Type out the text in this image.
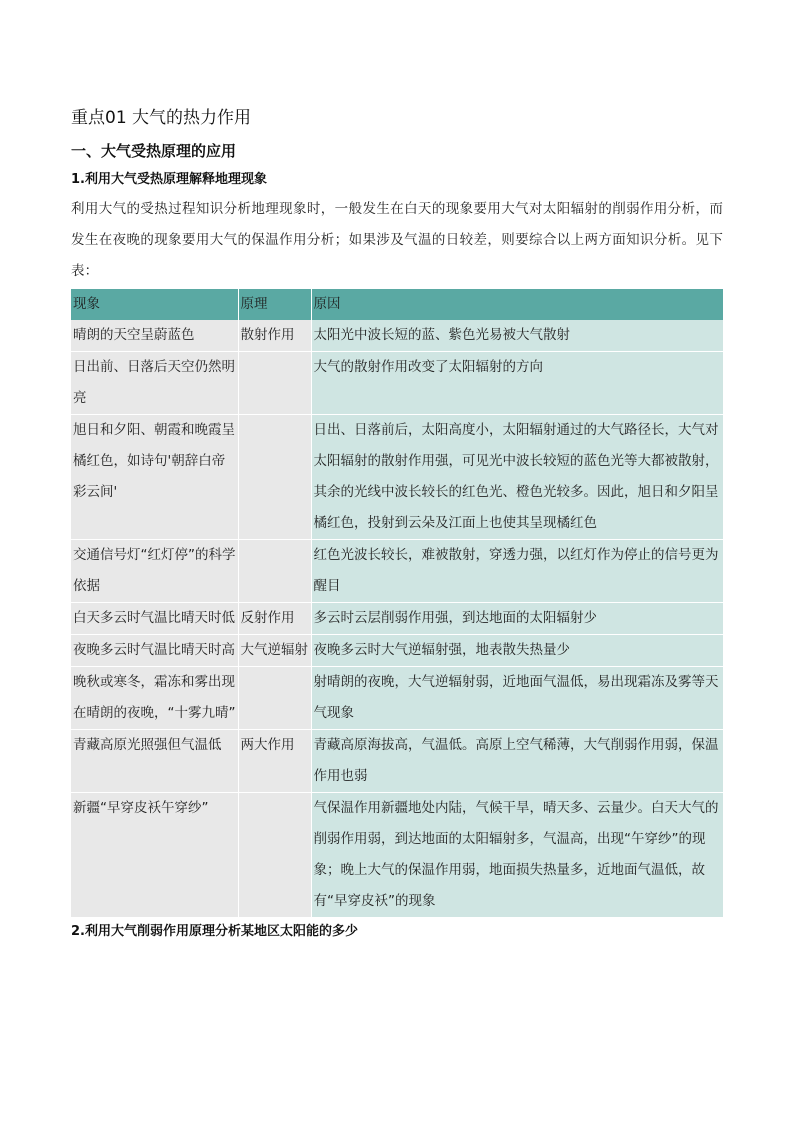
重点01 大气的热力作用
一、大气受热原理的应用
1.利用大气受热原理解释地理现象

利用大气的受热过程知识分析地理现象时，一般发生在白天的现象要用大气对太阳辐射的削弱作用分析，而发生在夜晚的现象要用大气的保温作用分析；如果涉及气温的日较差，则要综合以上两方面知识分析。见下表：

现象	原理	原因
晴朗的天空呈蔚蓝色	散射作用	太阳光中波长短的蓝、紫色光易被大气散射
日出前、日落后天空仍然明亮		大气的散射作用改变了太阳辐射的方向
旭日和夕阳、朝霞和晚霞呈橘红色，如诗句'朝辞白帝彩云间'		日出、日落前后，太阳高度小，太阳辐射通过的大气路径长，大气对太阳辐射的散射作用强，可见光中波长较短的蓝色光等大都被散射，其余的光线中波长较长的红色光、橙色光较多。因此，旭日和夕阳呈橘红色，投射到云朵及江面上也使其呈现橘红色
交通信号灯“红灯停”的科学依据		红色光波长较长，难被散射，穿透力强，以红灯作为停止的信号更为醒目
白天多云时气温比晴天时低	反射作用	多云时云层削弱作用强，到达地面的太阳辐射少
夜晚多云时气温比晴天时高	大气逆辐射	夜晚多云时大气逆辐射强，地表散失热量少
晚秋或寒冬，霜冻和雾出现在晴朗的夜晚，“十雾九晴”		射晴朗的夜晚，大气逆辐射弱，近地面气温低，易出现霜冻及雾等天气现象
青藏高原光照强但气温低	两大作用	青藏高原海拔高，气温低。高原上空气稀薄，大气削弱作用弱，保温作用也弱
新疆“早穿皮袄午穿纱”		气保温作用新疆地处内陆，气候干旱，晴天多、云量少。白天大气的削弱作用弱，到达地面的太阳辐射多，气温高，出现“午穿纱”的现象；晚上大气的保温作用弱，地面损失热量多，近地面气温低，故有“早穿皮袄”的现象
2.利用大气削弱作用原理分析某地区太阳能的多少
